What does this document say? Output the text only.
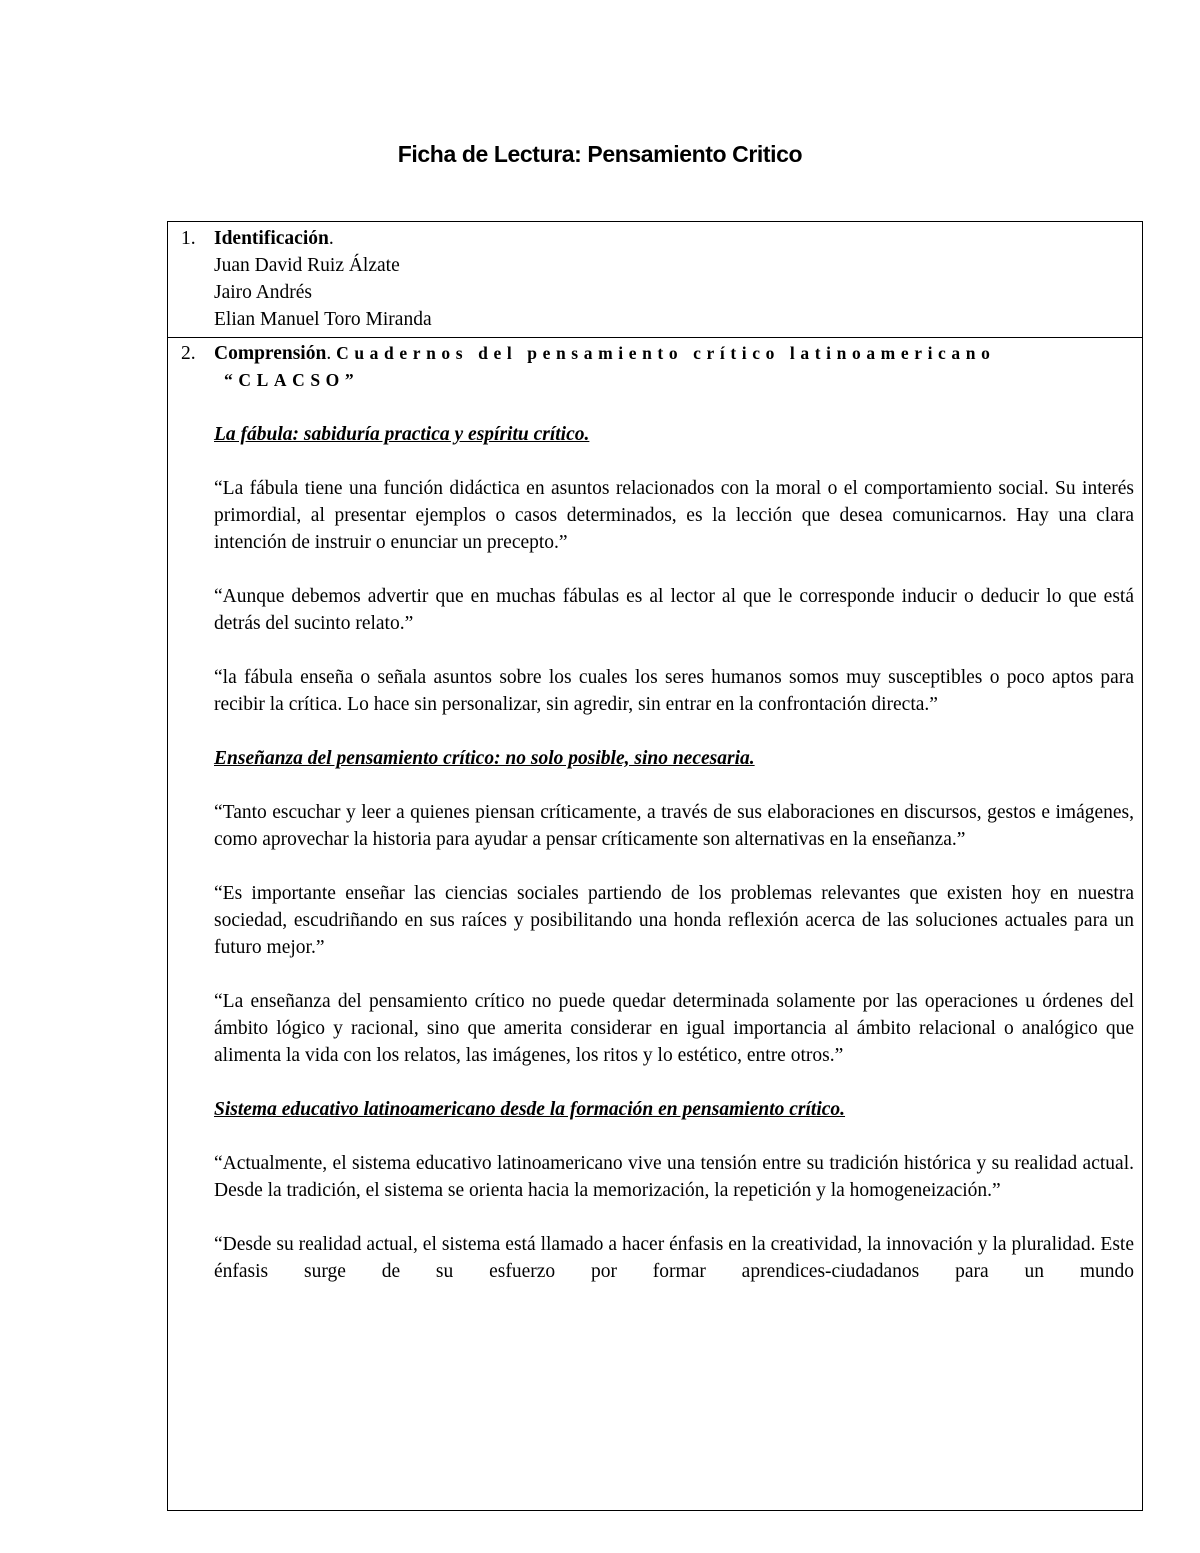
Ficha de Lectura: Pensamiento Critico
1. Identificación.
Juan David Ruiz Álzate
Jairo Andrés
Elian Manuel Toro Miranda
2. Comprensión. Cuadernos del pensamiento crítico latinoamericano
“CLACSO”

La fábula: sabiduría practica y espíritu crítico.

“La fábula tiene una función didáctica en asuntos relacionados con la moral o el comportamiento social. Su interés primordial, al presentar ejemplos o casos determinados, es la lección que desea comunicarnos. Hay una clara intención de instruir o enunciar un precepto.”

“Aunque debemos advertir que en muchas fábulas es al lector al que le corresponde inducir o deducir lo que está detrás del sucinto relato.”

“la fábula enseña o señala asuntos sobre los cuales los seres humanos somos muy susceptibles o poco aptos para recibir la crítica. Lo hace sin personalizar, sin agredir, sin entrar en la confrontación directa.”

Enseñanza del pensamiento crítico: no solo posible, sino necesaria.

“Tanto escuchar y leer a quienes piensan críticamente, a través de sus elaboraciones en discursos, gestos e imágenes, como aprovechar la historia para ayudar a pensar críticamente son alternativas en la enseñanza.”

“Es importante enseñar las ciencias sociales partiendo de los problemas relevantes que existen hoy en nuestra sociedad, escudriñando en sus raíces y posibilitando una honda reflexión acerca de las soluciones actuales para un futuro mejor.”

“La enseñanza del pensamiento crítico no puede quedar determinada solamente por las operaciones u órdenes del ámbito lógico y racional, sino que amerita considerar en igual importancia al ámbito relacional o analógico que alimenta la vida con los relatos, las imágenes, los ritos y lo estético, entre otros.”

Sistema educativo latinoamericano desde la formación en pensamiento crítico.

“Actualmente, el sistema educativo latinoamericano vive una tensión entre su tradición histórica y su realidad actual. Desde la tradición, el sistema se orienta hacia la memorización, la repetición y la homogeneización.”

“Desde su realidad actual, el sistema está llamado a hacer énfasis en la creatividad, la innovación y la pluralidad. Este énfasis surge de su esfuerzo por formar aprendices-ciudadanos para un mundo
